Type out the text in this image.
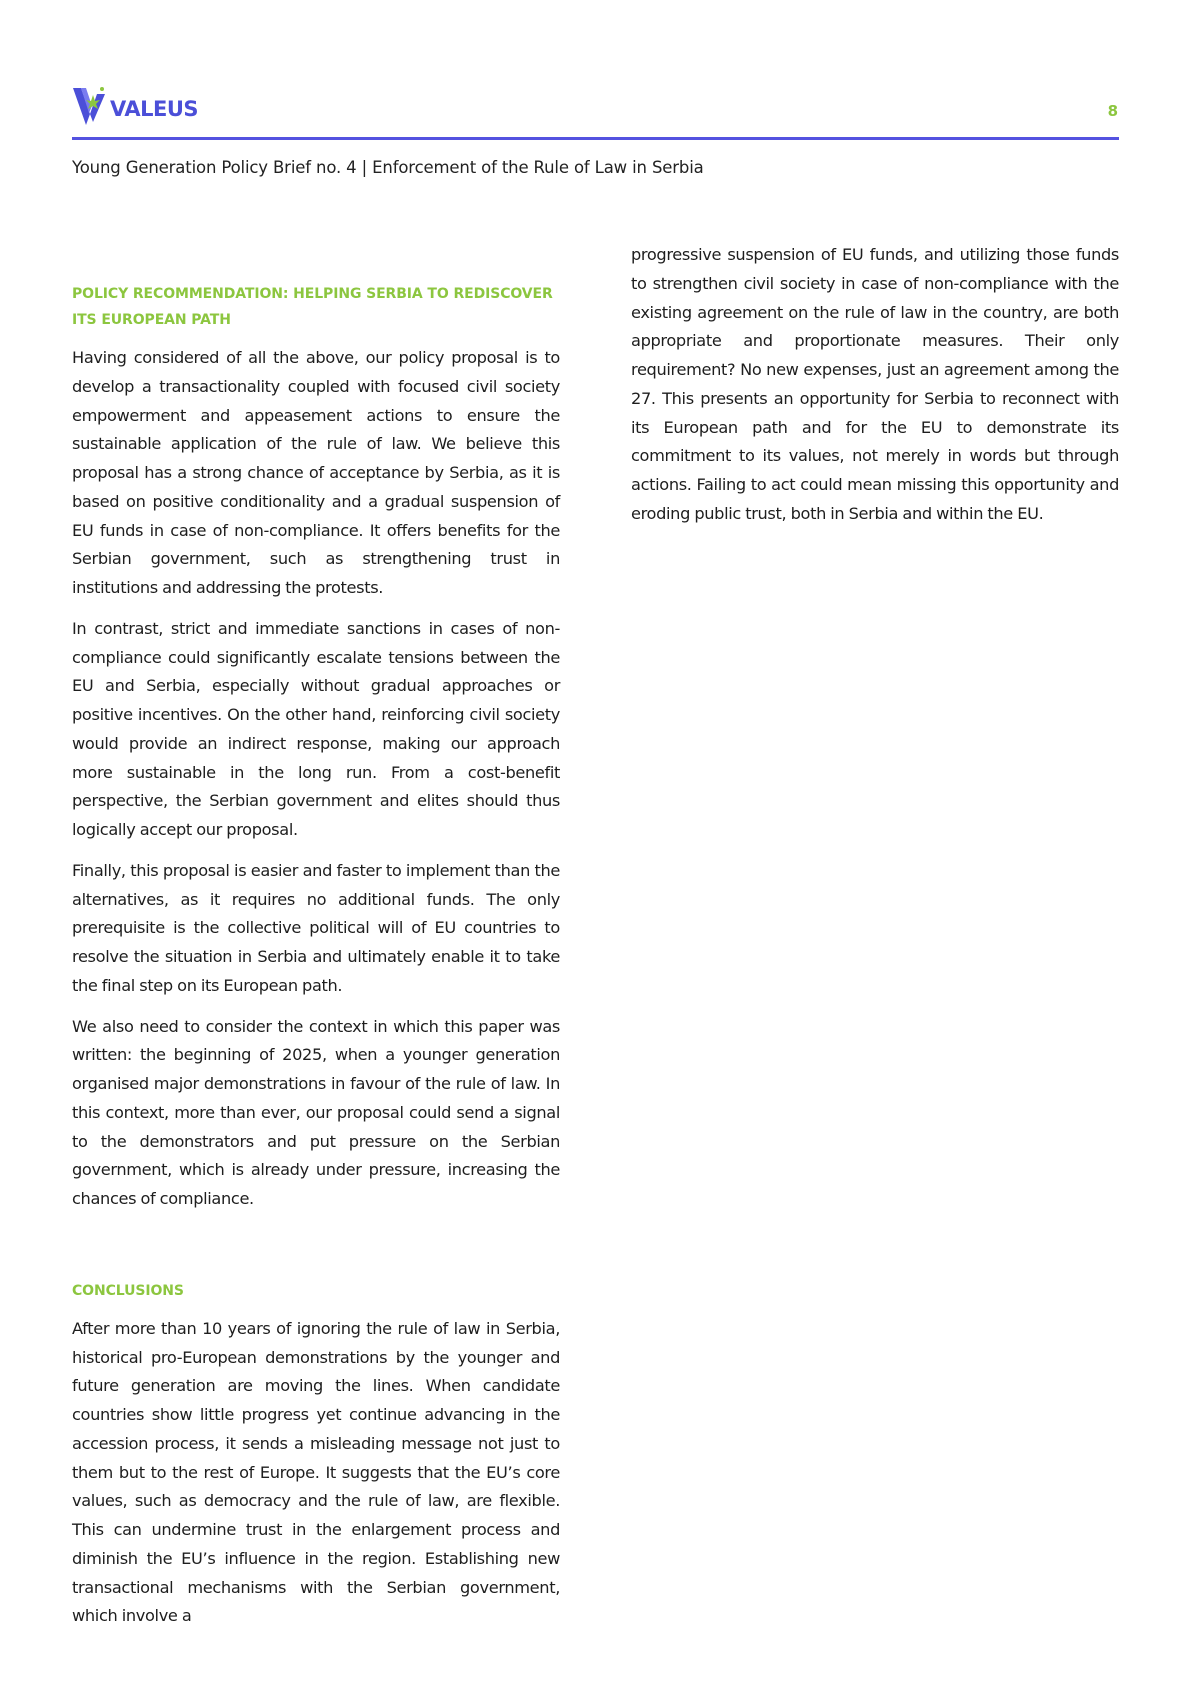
VALEUS	8
Young Generation Policy Brief no. 4 | Enforcement of the Rule of Law in Serbia
POLICY RECOMMENDATION: HELPING SERBIA TO REDISCOVER ITS EUROPEAN PATH

Having considered of all the above, our policy proposal is to develop a transactionality coupled with focused civil society empowerment and appeasement actions to ensure the sustainable application of the rule of law. We believe this proposal has a strong chance of acceptance by Serbia, as it is based on positive conditionality and a gradual suspension of EU funds in case of non-compliance. It offers benefits for the Serbian government, such as strengthening trust in institutions and addressing the protests.

In contrast, strict and immediate sanctions in cases of non-compliance could significantly escalate tensions between the EU and Serbia, especially without gradual approaches or positive incentives. On the other hand, reinforcing civil society would provide an indirect response, making our approach more sustainable in the long run. From a cost-benefit perspective, the Serbian government and elites should thus logically accept our proposal.

Finally, this proposal is easier and faster to implement than the alternatives, as it requires no additional funds. The only prerequisite is the collective political will of EU countries to resolve the situation in Serbia and ultimately enable it to take the final step on its European path.

We also need to consider the context in which this paper was written: the beginning of 2025, when a younger generation organised major demonstrations in favour of the rule of law. In this context, more than ever, our proposal could send a signal to the demonstrators and put pressure on the Serbian government, which is already under pressure, increasing the chances of compliance.

CONCLUSIONS

After more than 10 years of ignoring the rule of law in Serbia, historical pro-European demonstrations by the younger and future generation are moving the lines. When candidate countries show little progress yet continue advancing in the accession process, it sends a misleading message not just to them but to the rest of Europe. It suggests that the EU’s core values, such as democracy and the rule of law, are flexible. This can undermine trust in the enlargement process and diminish the EU’s influence in the region. Establishing new transactional mechanisms with the Serbian government, which involve a

progressive suspension of EU funds, and utilizing those funds to strengthen civil society in case of non-compliance with the existing agreement on the rule of law in the country, are both appropriate and proportionate measures. Their only requirement? No new expenses, just an agreement among the 27. This presents an opportunity for Serbia to reconnect with its European path and for the EU to demonstrate its commitment to its values, not merely in words but through actions. Failing to act could mean missing this opportunity and eroding public trust, both in Serbia and within the EU.
